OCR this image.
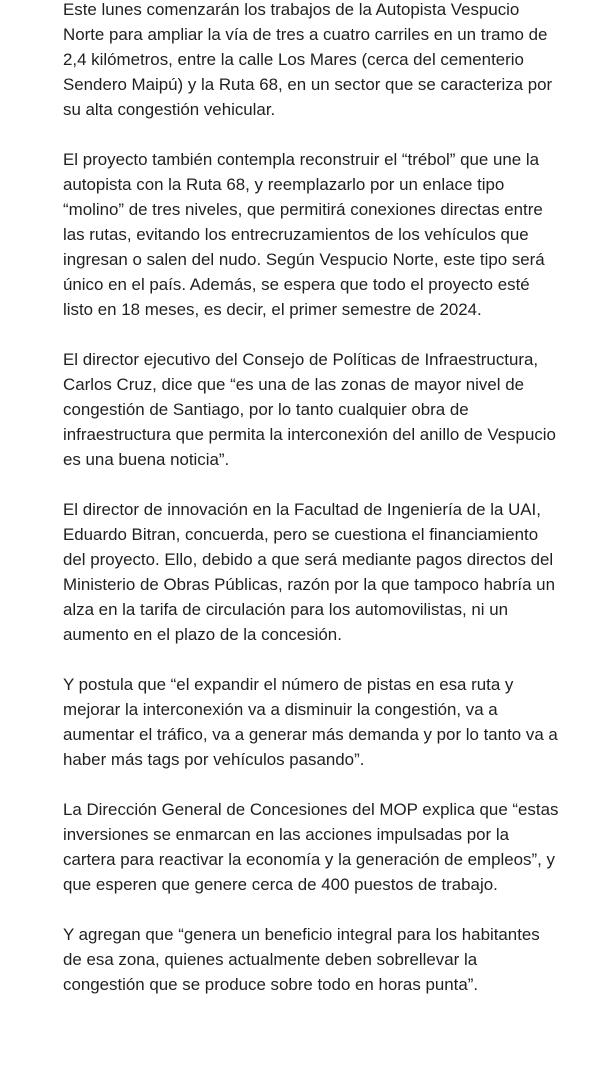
Este lunes comenzarán los trabajos de la Autopista Vespucio Norte para ampliar la vía de tres a cuatro carriles en un tramo de 2,4 kilómetros, entre la calle Los Mares (cerca del cementerio Sendero Maipú) y la Ruta 68, en un sector que se caracteriza por su alta congestión vehicular.

El proyecto también contempla reconstruir el “trébol” que une la autopista con la Ruta 68, y reemplazarlo por un enlace tipo “molino” de tres niveles, que permitirá conexiones directas entre las rutas, evitando los entrecruzamientos de los vehículos que ingresan o salen del nudo. Según Vespucio Norte, este tipo será único en el país. Además, se espera que todo el proyecto esté listo en 18 meses, es decir, el primer semestre de 2024.

El director ejecutivo del Consejo de Políticas de Infraestructura, Carlos Cruz, dice que “es una de las zonas de mayor nivel de congestión de Santiago, por lo tanto cualquier obra de infraestructura que permita la interconexión del anillo de Vespucio es una buena noticia”.

El director de innovación en la Facultad de Ingeniería de la UAI, Eduardo Bitran, concuerda, pero se cuestiona el financiamiento del proyecto. Ello, debido a que será mediante pagos directos del Ministerio de Obras Públicas, razón por la que tampoco habría un alza en la tarifa de circulación para los automovilistas, ni un aumento en el plazo de la concesión.

Y postula que “el expandir el número de pistas en esa ruta y mejorar la interconexión va a disminuir la congestión, va a aumentar el tráfico, va a generar más demanda y por lo tanto va a haber más tags por vehículos pasando”.

La Dirección General de Concesiones del MOP explica que “estas inversiones se enmarcan en las acciones impulsadas por la cartera para reactivar la economía y la generación de empleos”, y que esperen que genere cerca de 400 puestos de trabajo.

Y agregan que “genera un beneficio integral para los habitantes de esa zona, quienes actualmente deben sobrellevar la congestión que se produce sobre todo en horas punta”.
